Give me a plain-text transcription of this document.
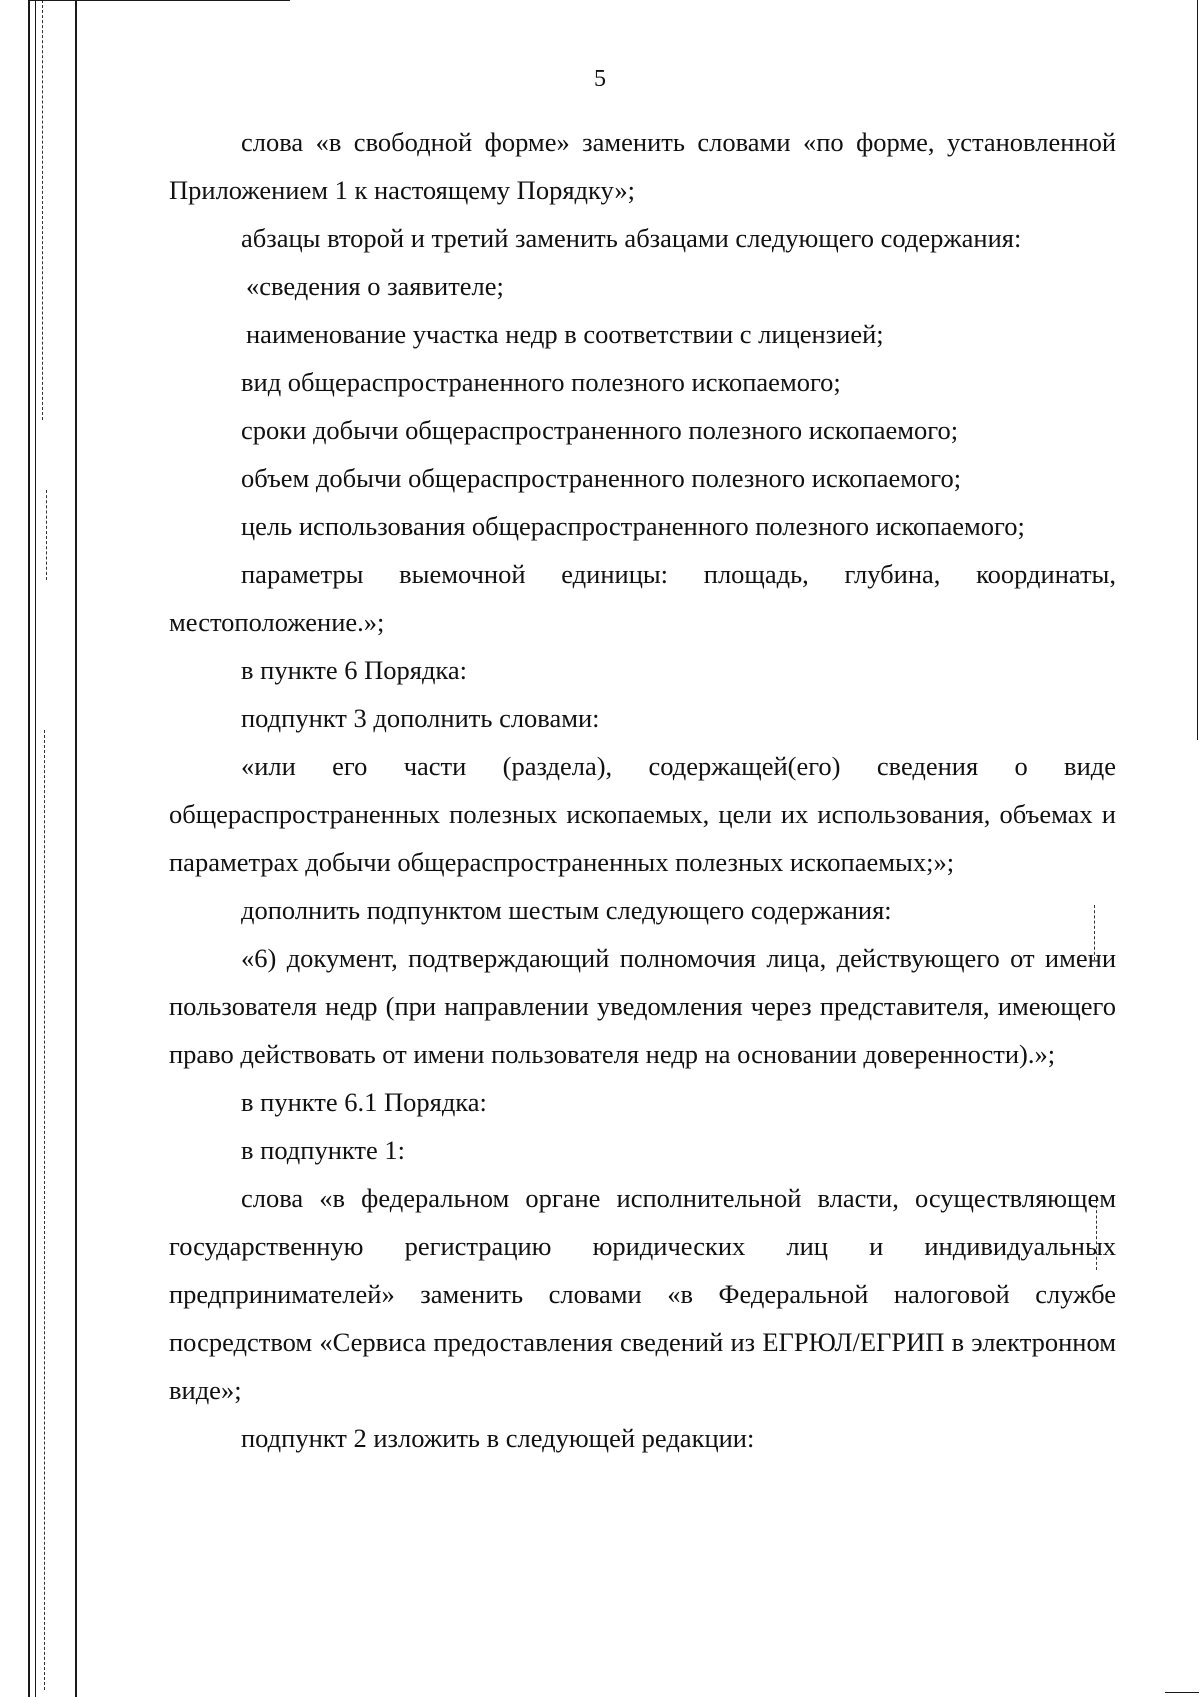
5

слова «в свободной форме» заменить словами «по форме, установленной Приложением 1 к настоящему Порядку»;

абзацы второй и третий заменить абзацами следующего содержания:

«сведения о заявителе;

наименование участка недр в соответствии с лицензией;

вид общераспространенного полезного ископаемого;

сроки добычи общераспространенного полезного ископаемого;

объем добычи общераспространенного полезного ископаемого;

цель использования общераспространенного полезного ископаемого;

параметры выемочной единицы: площадь, глубина, координаты, местоположение.»;

в пункте 6 Порядка:

подпункт 3 дополнить словами:

«или его части (раздела), содержащей(его) сведения о виде общераспространенных полезных ископаемых, цели их использования, объемах и параметрах добычи общераспространенных полезных ископаемых;»;

дополнить подпунктом шестым следующего содержания:

«6) документ, подтверждающий полномочия лица, действующего от имени пользователя недр (при направлении уведомления через представителя, имеющего право действовать от имени пользователя недр на основании доверенности).»;

в пункте 6.1 Порядка:

в подпункте 1:

слова «в федеральном органе исполнительной власти, осуществляющем государственную регистрацию юридических лиц и индивидуальных предпринимателей» заменить словами «в Федеральной налоговой службе посредством «Сервиса предоставления сведений из ЕГРЮЛ/ЕГРИП в электронном виде»;

подпункт 2 изложить в следующей редакции:
